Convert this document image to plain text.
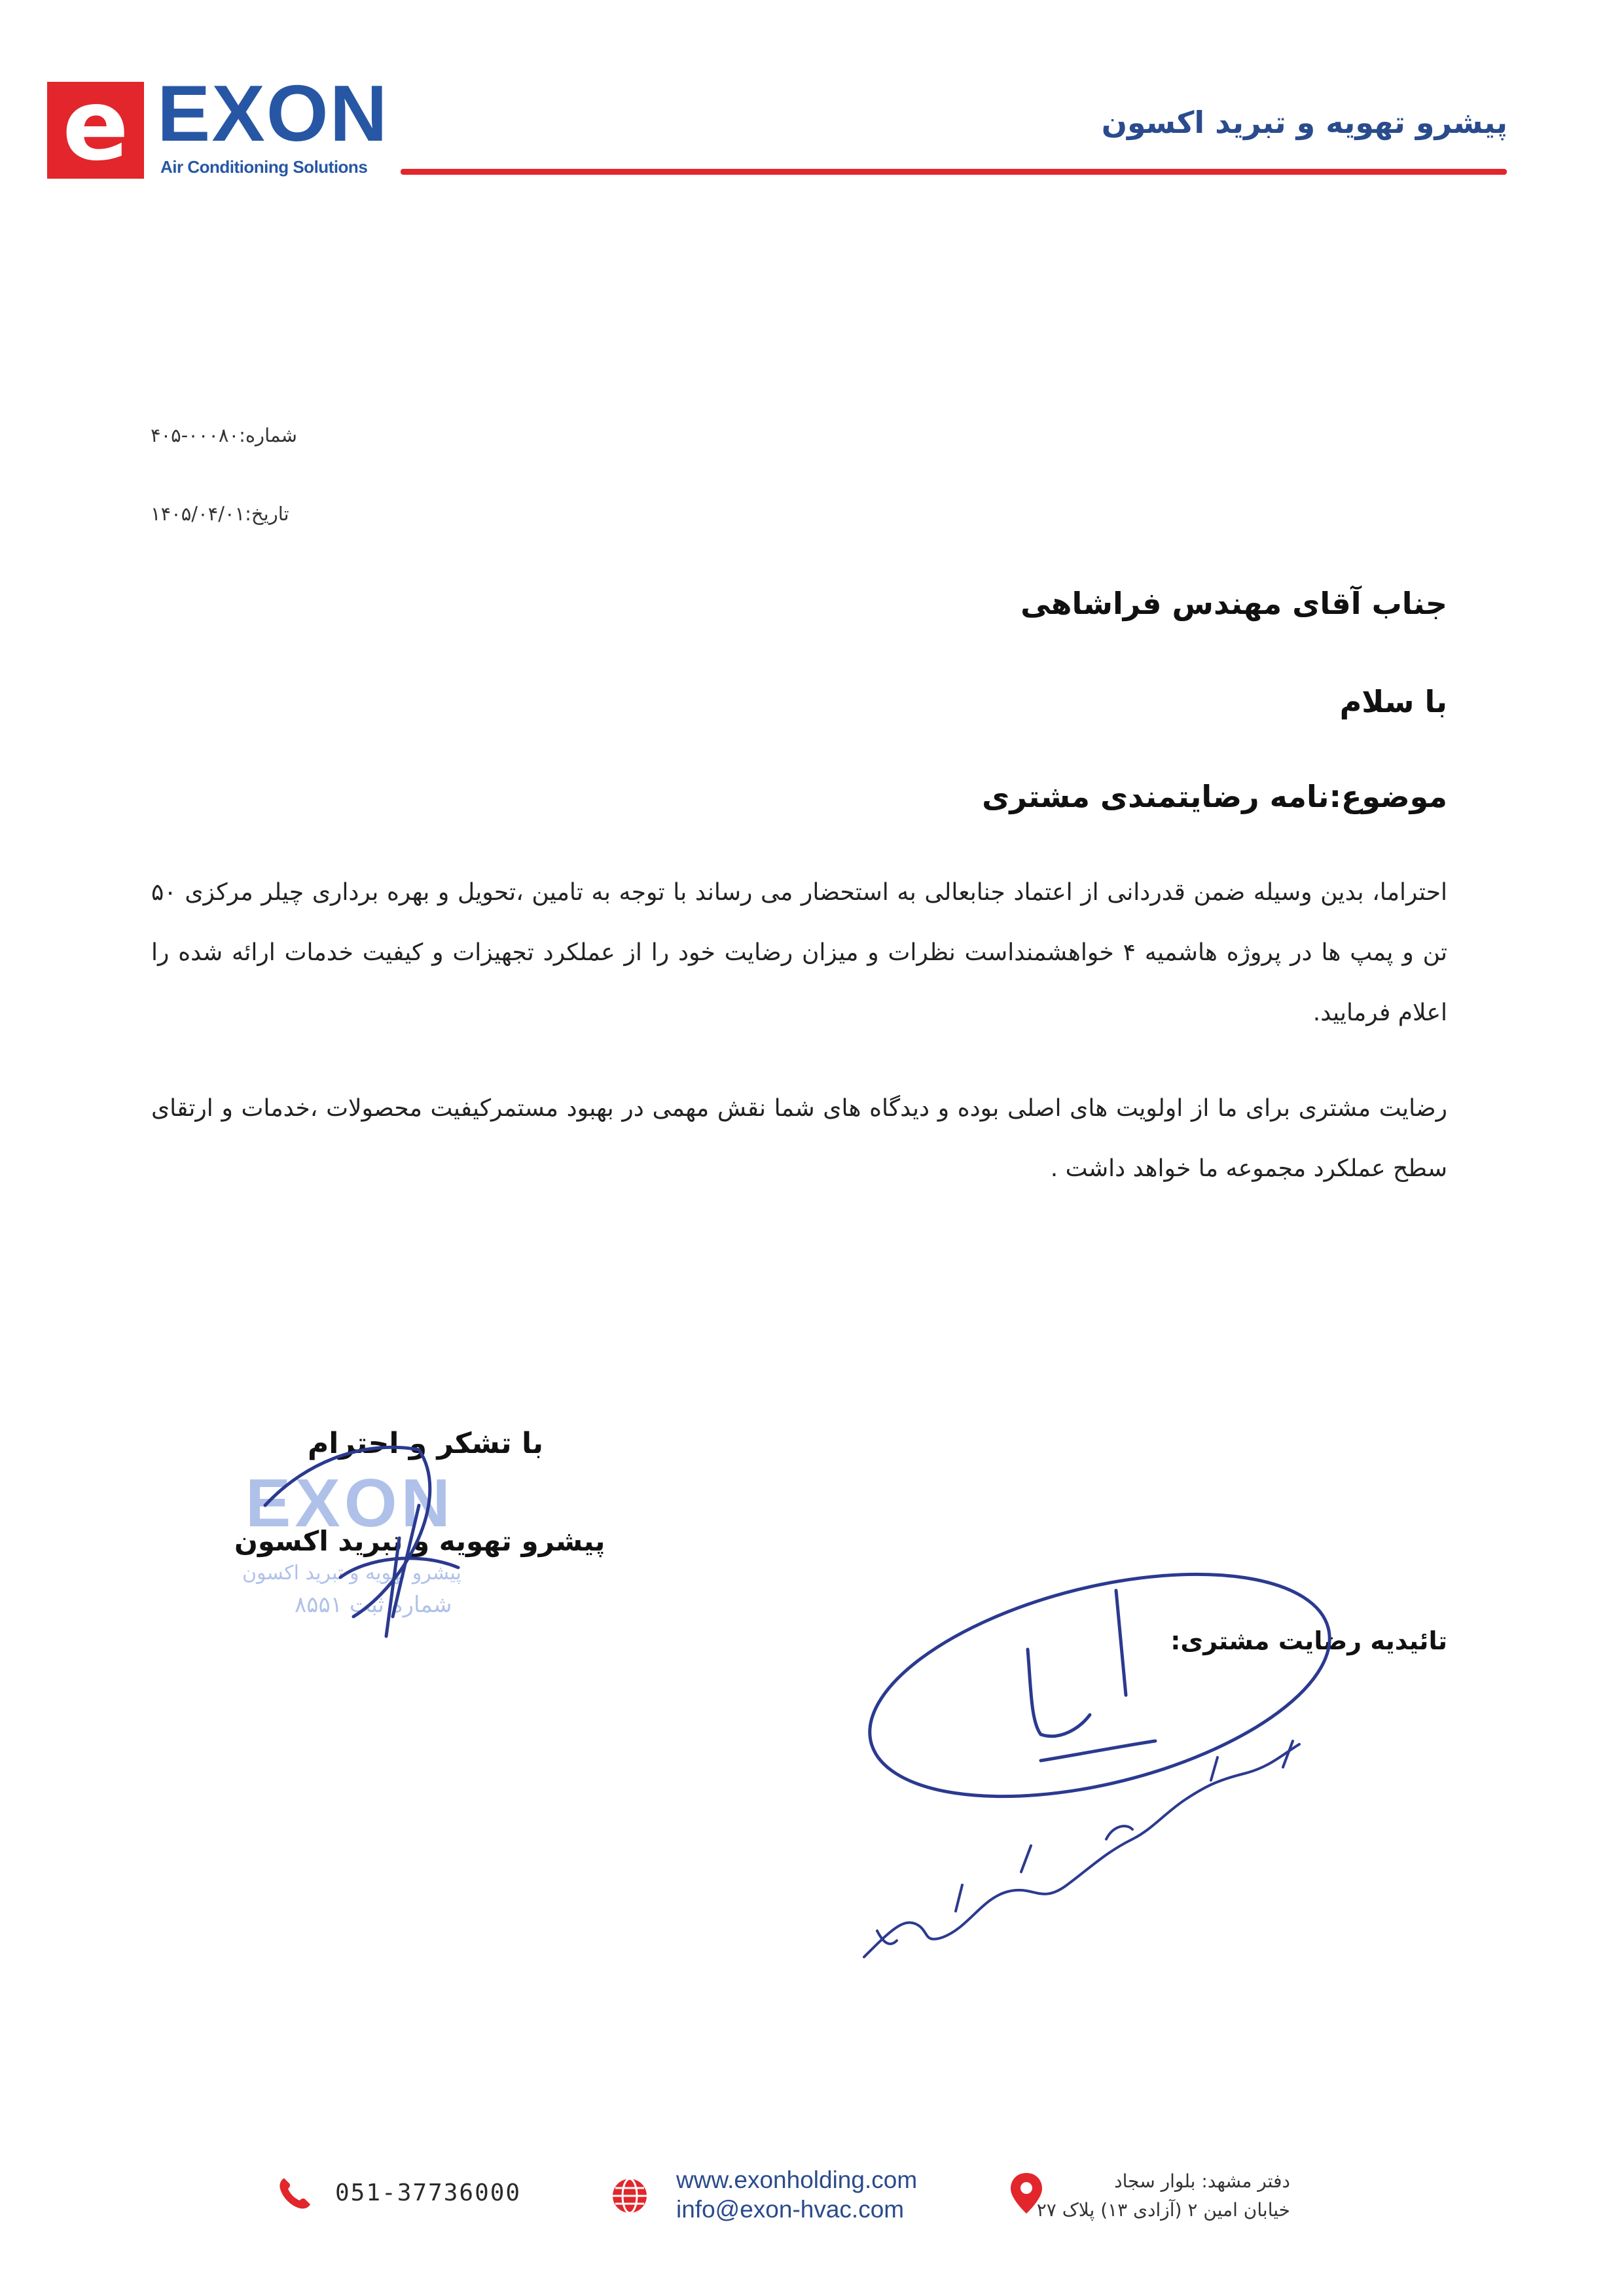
e EXON
Air Conditioning Solutions
پیشرو تهویه و تبرید اکسون
شماره:۰۰۰۸۰-۴۰۵
تاریخ:۱۴۰۵/۰۴/۰۱
جناب آقای مهندس فراشاهی
با سلام
موضوع:نامه رضایتمندی مشتری
احتراما، بدین وسیله ضمن قدردانی از اعتماد جنابعالی به استحضار می رساند با توجه به تامین ،تحویل و بهره برداری چیلر مرکزی ۵۰ تن و پمپ ها در پروژه هاشمیه ۴ خواهشمنداست نظرات و میزان رضایت خود را از عملکرد تجهیزات و کیفیت خدمات ارائه شده را اعلام فرمایید.
رضایت مشتری برای ما از اولویت های اصلی بوده و دیدگاه های شما نقش مهمی در بهبود مستمرکیفیت محصولات ،خدمات و ارتقای سطح عملکرد مجموعه ما خواهد داشت .
EXON
پیشرو تهویه و تبرید اکسون
شماره ثبت ۸۵۵۱
با تشکر و احترام
پیشرو تهویه و تبرید اکسون
تائیدیه رضایت مشتری:
051-37736000	www.exonholding.com
info@exon-hvac.com
دفتر مشهد: بلوار سجاد
خیابان امین ۲ (آزادی ۱۳) پلاک ۲۷
